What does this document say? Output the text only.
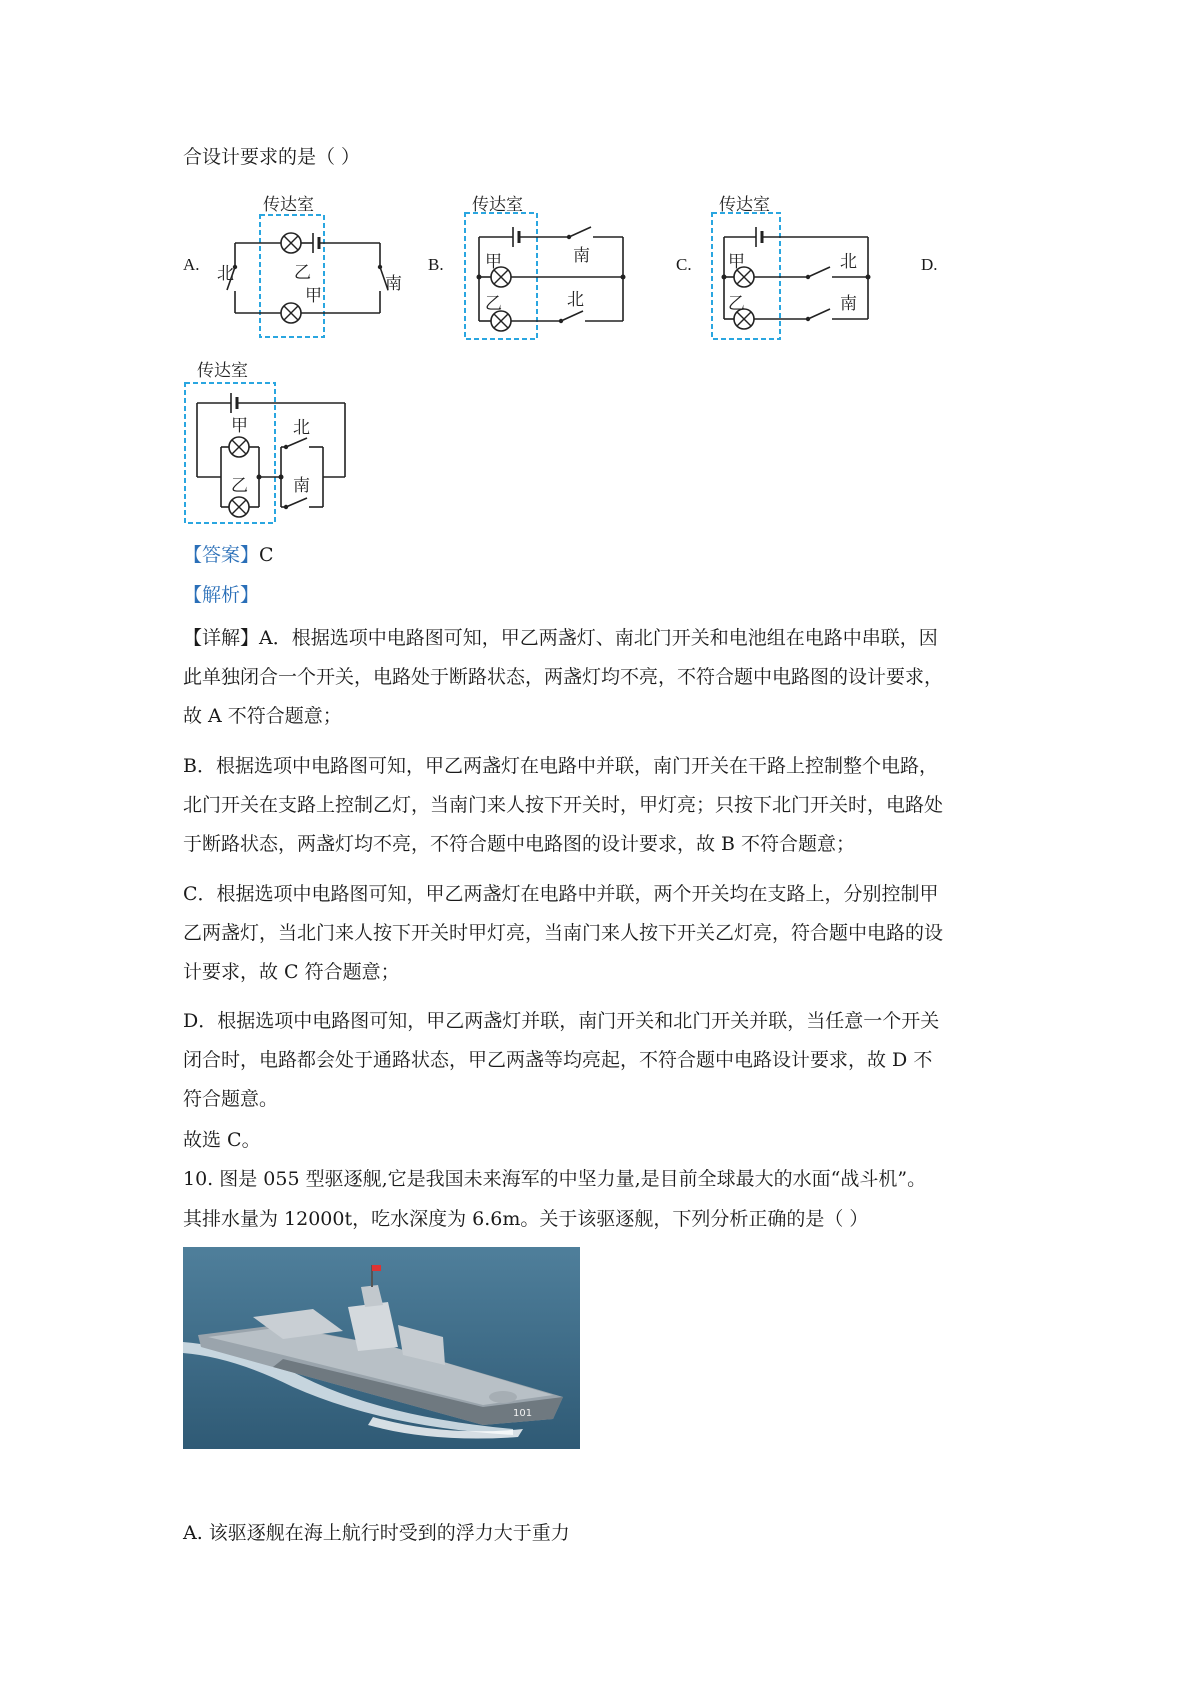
合设计要求的是（ ）
A.
传达室
乙
甲
北	南
B.
传达室
甲
乙
南
北
C.
传达室
甲
乙
北
南
D.
传达室
甲
乙
北
南
【答案】C
【解析】
【详解】A．根据选项中电路图可知，甲乙两盏灯、南北门开关和电池组在电路中串联，因
此单独闭合一个开关，电路处于断路状态，两盏灯均不亮，不符合题中电路图的设计要求，
故 A 不符合题意；
B．根据选项中电路图可知，甲乙两盏灯在电路中并联，南门开关在干路上控制整个电路，
北门开关在支路上控制乙灯，当南门来人按下开关时，甲灯亮；只按下北门开关时，电路处
于断路状态，两盏灯均不亮，不符合题中电路图的设计要求，故 B 不符合题意；
C．根据选项中电路图可知，甲乙两盏灯在电路中并联，两个开关均在支路上，分别控制甲
乙两盏灯，当北门来人按下开关时甲灯亮，当南门来人按下开关乙灯亮，符合题中电路的设
计要求，故 C 符合题意；
D．根据选项中电路图可知，甲乙两盏灯并联，南门开关和北门开关并联，当任意一个开关
闭合时，电路都会处于通路状态，甲乙两盏等均亮起，不符合题中电路设计要求，故 D 不
符合题意。
故选 C。
10. 图是 055 型驱逐舰,它是我国未来海军的中坚力量,是目前全球最大的水面“战斗机”。
其排水量为 12000t，吃水深度为 6.6m。关于该驱逐舰，下列分析正确的是（ ）
101
A. 该驱逐舰在海上航行时受到的浮力大于重力
